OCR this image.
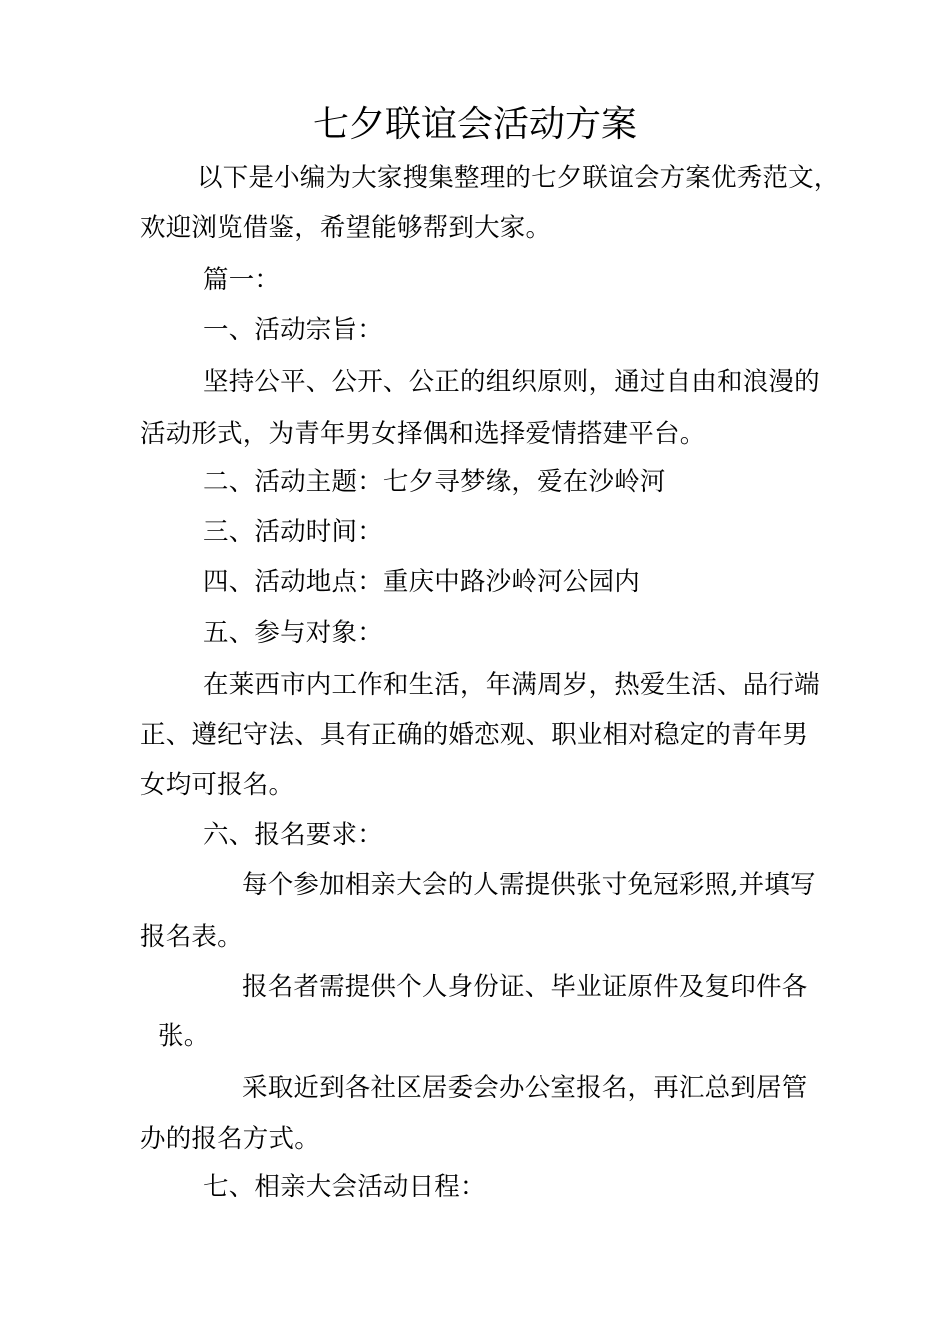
七夕联谊会活动方案
以下是小编为大家搜集整理的七夕联谊会方案优秀范文，
欢迎浏览借鉴，希望能够帮到大家。
篇一：
一、活动宗旨：
坚持公平、公开、公正的组织原则，通过自由和浪漫的
活动形式，为青年男女择偶和选择爱情搭建平台。
二、活动主题：七夕寻梦缘，爱在沙岭河
三、活动时间：
四、活动地点：重庆中路沙岭河公园内
五、参与对象：
在莱西市内工作和生活，年满周岁，热爱生活、品行端
正、遵纪守法、具有正确的婚恋观、职业相对稳定的青年男
女均可报名。
六、报名要求：
每个参加相亲大会的人需提供张寸免冠彩照,并填写
报名表。
报名者需提供个人身份证、毕业证原件及复印件各
张。
采取近到各社区居委会办公室报名，再汇总到居管
办的报名方式。
七、相亲大会活动日程：
